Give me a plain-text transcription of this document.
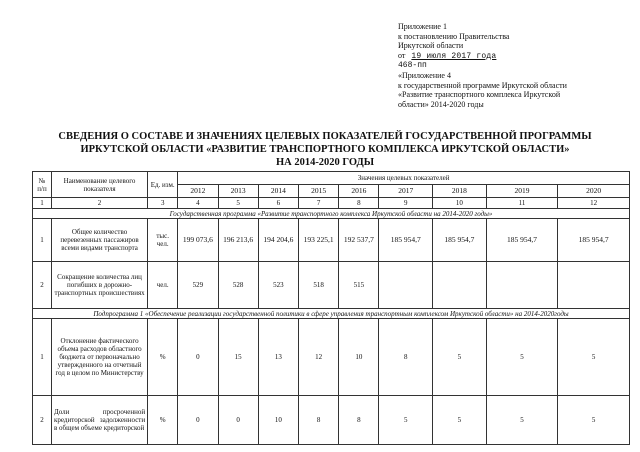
Приложение 1
к постановлению Правительства
Иркутской области
от 19 июля 2017 года
468-пп
«Приложение 4
к государственной программе Иркутской области
«Развитие транспортного комплекса Иркутской
области» 2014-2020 годы
СВЕДЕНИЯ О СОСТАВЕ И ЗНАЧЕНИЯХ ЦЕЛЕВЫХ ПОКАЗАТЕЛЕЙ ГОСУДАРСТВЕННОЙ ПРОГРАММЫ
ИРКУТСКОЙ ОБЛАСТИ «РАЗВИТИЕ ТРАНСПОРТНОГО КОМПЛЕКСА ИРКУТСКОЙ ОБЛАСТИ»
НА 2014-2020 ГОДЫ
№ п/п	Наименование целевого показателя	Ед. изм.	Значения целевых показателей								
			2012	2013	2014	2015	2016	2017	2018	2019	2020
1	2	3	4	5	6	7	8	9	10	11	12
Государственная программа «Развитие транспортного комплекса Иркутской области на 2014-2020 годы»											
1	Общее количество перевезенных пассажиров всеми видами транспорта	тыс. чел.	199 073,6	196 213,6	194 204,6	193 225,1	192 537,7	185 954,7	185 954,7	185 954,7	185 954,7
2	Сокращение количества лиц погибших в дорожно-транспортных происшествиях	чел.	529	528	523	518	515				
Подпрограмма 1 «Обеспечение реализации государственной политики в сфере управления транспортным комплексом Иркутской области» на 2014-2020годы											
1	Отклонение фактического объема расходов областного бюджета от первоначально утвержденного на отчетный год в целом по Министерству	%	0	15	13	12	10	8	5	5	5
2	Доли просроченной кредиторской задолженности в общем объеме кредиторской	%	0	0	10	8	8	5	5	5	5
